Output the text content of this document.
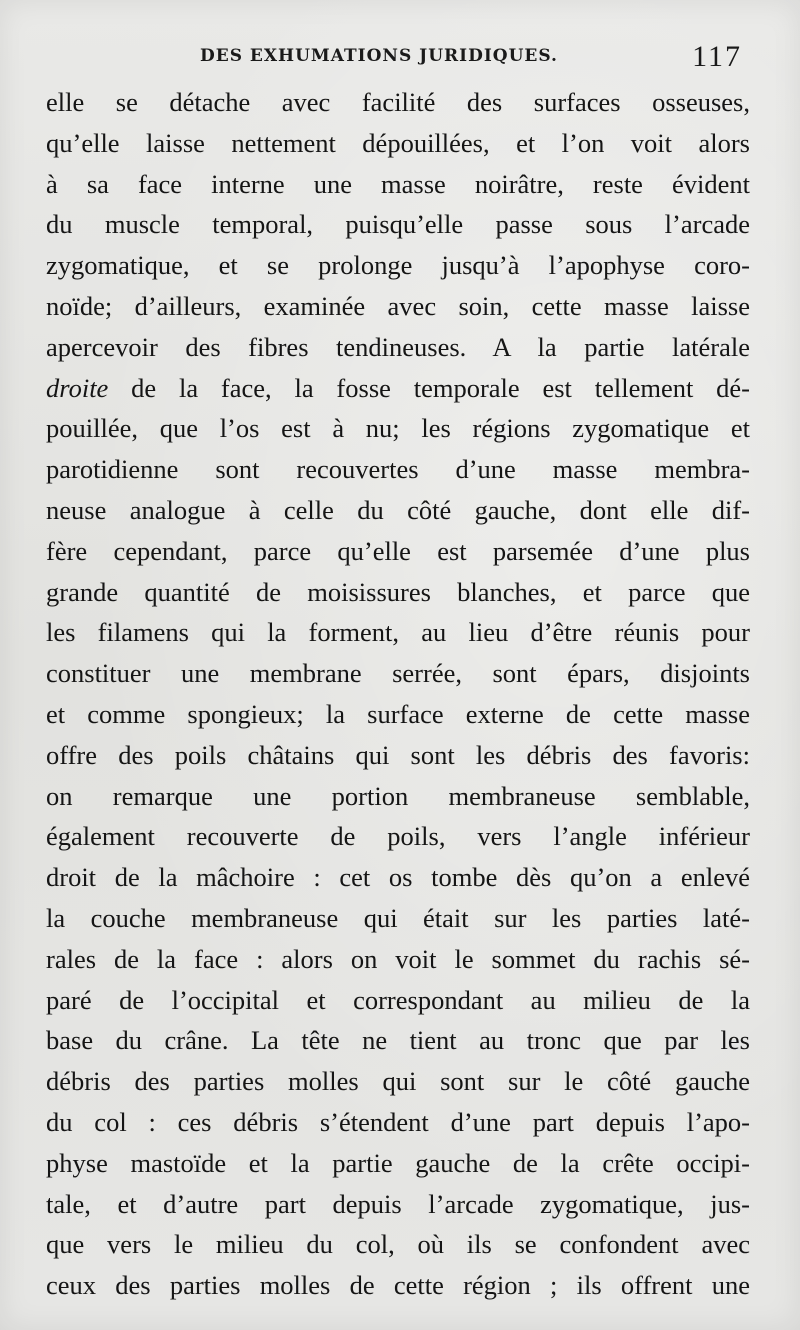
DES EXHUMATIONS JURIDIQUES.	117
elle se détache avec facilité des surfaces osseuses,
qu’elle laisse nettement dépouillées, et l’on voit alors
à sa face interne une masse noirâtre, reste évident
du muscle temporal, puisqu’elle passe sous l’arcade
zygomatique, et se prolonge jusqu’à l’apophyse coro-
noïde; d’ailleurs, examinée avec soin, cette masse laisse
apercevoir des fibres tendineuses. A la partie latérale
droite de la face, la fosse temporale est tellement dé-
pouillée, que l’os est à nu; les régions zygomatique et
parotidienne sont recouvertes d’une masse membra-
neuse analogue à celle du côté gauche, dont elle dif-
fère cependant, parce qu’elle est parsemée d’une plus
grande quantité de moisissures blanches, et parce que
les filamens qui la forment, au lieu d’être réunis pour
constituer une membrane serrée, sont épars, disjoints
et comme spongieux; la surface externe de cette masse
offre des poils châtains qui sont les débris des favoris:
on remarque une portion membraneuse semblable,
également recouverte de poils, vers l’angle inférieur
droit de la mâchoire : cet os tombe dès qu’on a enlevé
la couche membraneuse qui était sur les parties laté-
rales de la face : alors on voit le sommet du rachis sé-
paré de l’occipital et correspondant au milieu de la
base du crâne. La tête ne tient au tronc que par les
débris des parties molles qui sont sur le côté gauche
du col : ces débris s’étendent d’une part depuis l’apo-
physe mastoïde et la partie gauche de la crête occipi-
tale, et d’autre part depuis l’arcade zygomatique, jus-
que vers le milieu du col, où ils se confondent avec
ceux des parties molles de cette région ; ils offrent une
